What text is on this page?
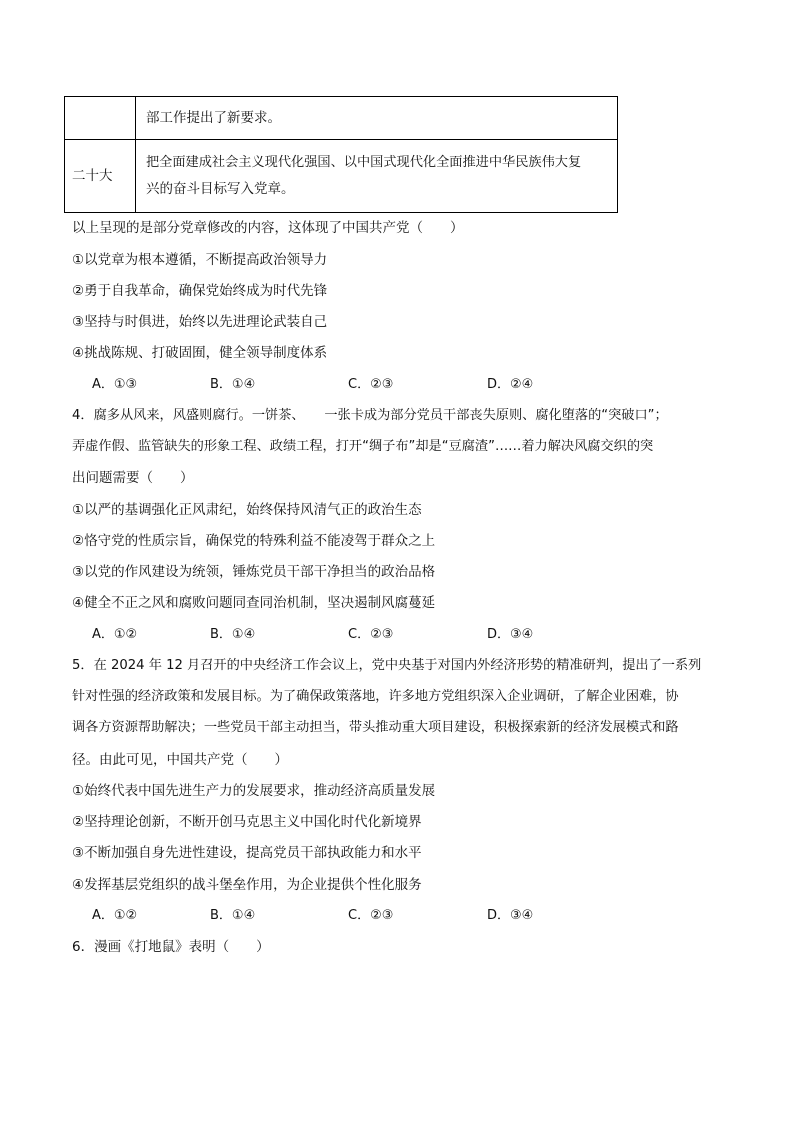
	部工作提出了新要求。

二十大	把全面建成社会主义现代化强国、以中国式现代化全面推进中华民族伟大复
兴的奋斗目标写入党章。
以上呈现的是部分党章修改的内容，这体现了中国共产党（　　）
①以党章为根本遵循，不断提高政治领导力
②勇于自我革命，确保党始终成为时代先锋
③坚持与时俱进，始终以先进理论武装自己
④挑战陈规、打破固囿，健全领导制度体系
A．①③	B．①④	C．②③	D．②④
4．腐多从风来，风盛则腐行。一饼茶、　　一张卡成为部分党员干部丧失原则、腐化堕落的“突破口”；
弄虚作假、监管缺失的形象工程、政绩工程，打开“绸子布”却是“豆腐渣”……着力解决风腐交织的突
出问题需要（　　）
①以严的基调强化正风肃纪，始终保持风清气正的政治生态
②恪守党的性质宗旨，确保党的特殊利益不能凌驾于群众之上
③以党的作风建设为统领，锤炼党员干部干净担当的政治品格
④健全不正之风和腐败问题同查同治机制，坚决遏制风腐蔓延
A．①②	B．①④	C．②③	D．③④
5．在 2024 年 12 月召开的中央经济工作会议上，党中央基于对国内外经济形势的精准研判，提出了一系列
针对性强的经济政策和发展目标。为了确保政策落地，许多地方党组织深入企业调研，了解企业困难，协
调各方资源帮助解决；一些党员干部主动担当，带头推动重大项目建设，积极探索新的经济发展模式和路
径。由此可见，中国共产党（　　）
①始终代表中国先进生产力的发展要求，推动经济高质量发展
②坚持理论创新，不断开创马克思主义中国化时代化新境界
③不断加强自身先进性建设，提高党员干部执政能力和水平
④发挥基层党组织的战斗堡垒作用，为企业提供个性化服务
A．①②	B．①④	C．②③	D．③④
6．漫画《打地鼠》表明（　　）
